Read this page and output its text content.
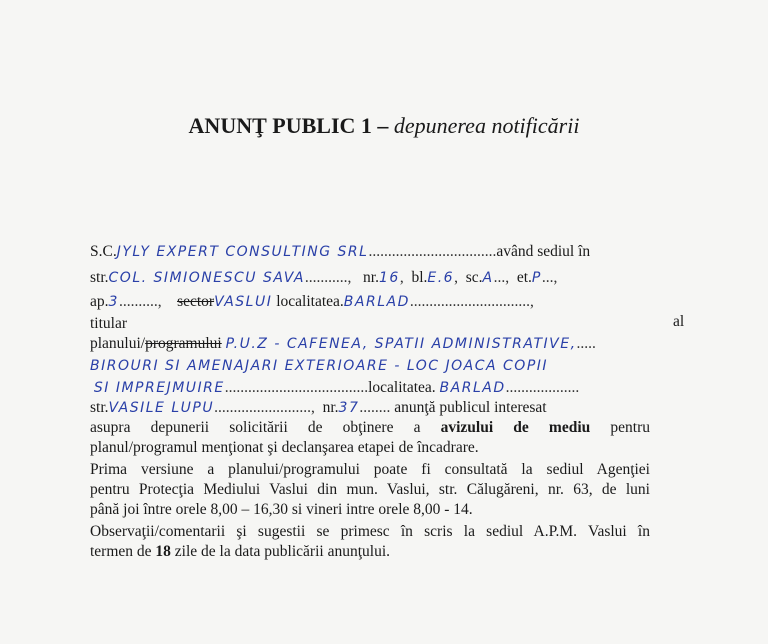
ANUNŢ PUBLIC 1 – depunerea notificării
S.C.JYLY EXPERT CONSULTING SRL.................................având sediul în
str.COL. SIMIONESCU SAVA...........,   nr.16,  bl.E.6,  sc.A...,  et.P...,
ap.3..........,    sectorVASLUI localitatea.BARLAD...............................,
titular	al
planului/programului P.U.Z - CAFENEA, SPATII ADMINISTRATIVE,.....
BIROURI SI AMENAJARI EXTERIOARE - LOC JOACA COPII
SI IMPREJMUIRE.....................................localitatea. BARLAD...................
str.VASILE LUPU.........................,  nr.37........ anunţă publicul interesat
asupra depunerii solicitării de obţinere a avizului de mediu pentru
planul/programul menţionat şi declanşarea etapei de încadrare.
Prima versiune a planului/programului poate fi consultată la sediul Agenţiei
pentru Protecţia Mediului Vaslui din mun. Vaslui, str. Călugăreni, nr. 63, de luni
până joi între orele 8,00 – 16,30 si vineri intre orele 8,00 - 14.
Observaţii/comentarii şi sugestii se primesc în scris la sediul A.P.M. Vaslui în
termen de 18 zile de la data publicării anunţului.
